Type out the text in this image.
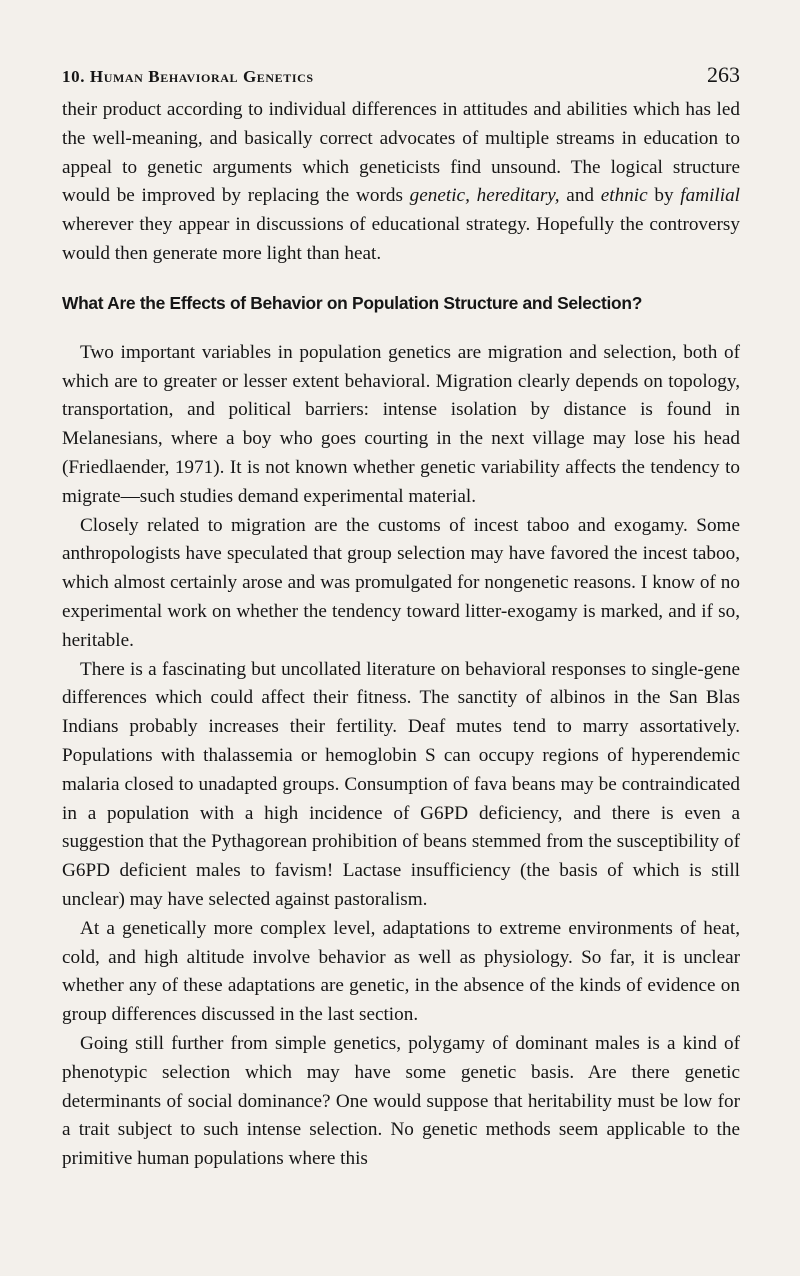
10. Human Behavioral Genetics	263

their product according to individual differences in attitudes and abilities which has led the well-meaning, and basically correct advocates of multiple streams in education to appeal to genetic arguments which geneticists find unsound. The logical structure would be improved by replacing the words genetic, hereditary, and ethnic by familial wherever they appear in discussions of educational strategy. Hopefully the controversy would then generate more light than heat.

What Are the Effects of Behavior on Population Structure and Selection?

Two important variables in population genetics are migration and selection, both of which are to greater or lesser extent behavioral. Migration clearly depends on topology, transportation, and political barriers: intense isolation by distance is found in Melanesians, where a boy who goes courting in the next village may lose his head (Friedlaender, 1971). It is not known whether genetic variability affects the tendency to migrate—such studies demand experimental material.

Closely related to migration are the customs of incest taboo and exogamy. Some anthropologists have speculated that group selection may have favored the incest taboo, which almost certainly arose and was promulgated for nongenetic reasons. I know of no experimental work on whether the tendency toward litter-exogamy is marked, and if so, heritable.

There is a fascinating but uncollated literature on behavioral responses to single-gene differences which could affect their fitness. The sanctity of albinos in the San Blas Indians probably increases their fertility. Deaf mutes tend to marry assortatively. Populations with thalassemia or hemoglobin S can occupy regions of hyperendemic malaria closed to unadapted groups. Consumption of fava beans may be contraindicated in a population with a high incidence of G6PD deficiency, and there is even a suggestion that the Pythagorean prohibition of beans stemmed from the susceptibility of G6PD deficient males to favism! Lactase insufficiency (the basis of which is still unclear) may have selected against pastoralism.

At a genetically more complex level, adaptations to extreme environments of heat, cold, and high altitude involve behavior as well as physiology. So far, it is unclear whether any of these adaptations are genetic, in the absence of the kinds of evidence on group differences discussed in the last section.

Going still further from simple genetics, polygamy of dominant males is a kind of phenotypic selection which may have some genetic basis. Are there genetic determinants of social dominance? One would suppose that heritability must be low for a trait subject to such intense selection. No genetic methods seem applicable to the primitive human populations where this
